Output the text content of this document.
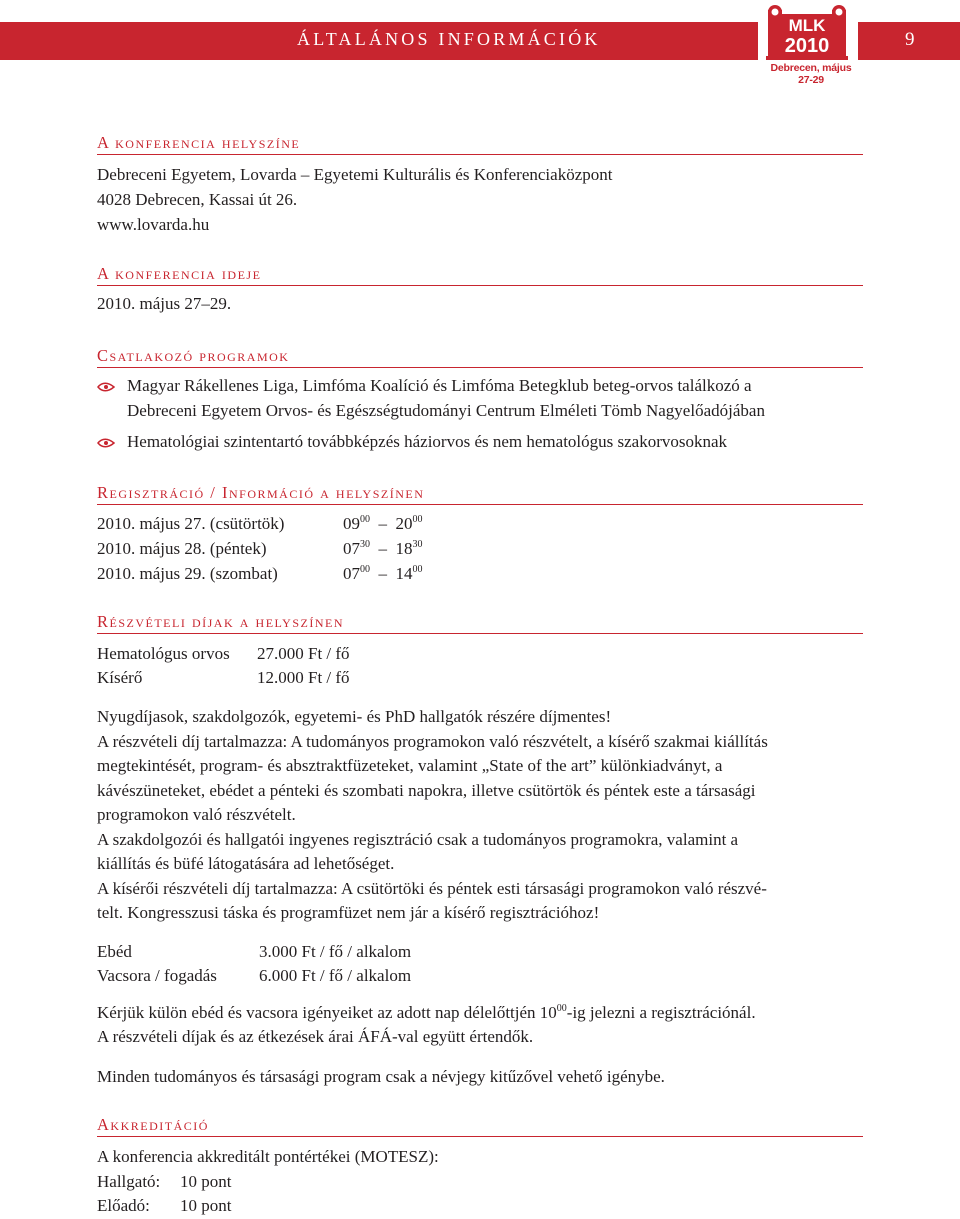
ÁLTALÁNOS INFORMÁCIÓK	9
MLK
2010
Debrecen, május 27-29
A konferencia helyszíne
Debreceni Egyetem, Lovarda – Egyetemi Kulturális és Konferenciaközpont
4028 Debrecen, Kassai út 26.
www.lovarda.hu
A konferencia ideje
2010. május 27–29.
Csatlakozó programok
Magyar Rákellenes Liga, Limfóma Koalíció és Limfóma Betegklub beteg-orvos találkozó a
Debreceni Egyetem Orvos- és Egészségtudományi Centrum Elméleti Tömb Nagyelőadójában
Hematológiai szintentartó továbbképzés háziorvos és nem hematológus szakorvosoknak
Regisztráció / Információ a helyszínen
2010. május 27. (csütörtök)	$09^{00} - 20^{00}$
2010. május 28. (péntek)	$07^{30} - 18^{30}$
2010. május 29. (szombat)	$07^{00} - 14^{00}$
Részvételi díjak a helyszínen
Hematológus orvos 27.000 Ft / fő
Kísérő	12.000 Ft / fő
Nyugdíjasok, szakdolgozók, egyetemi- és PhD hallgatók részére díjmentes!
A részvételi díj tartalmazza: A tudományos programokon való részvételt, a kísérő szakmai kiállítás
megtekintését, program- és absztraktfüzeteket, valamint „State of the art” különkiadványt, a
kávészüneteket, ebédet a pénteki és szombati napokra, illetve csütörtök és péntek este a társasági
programokon való részvételt.
A szakdolgozói és hallgatói ingyenes regisztráció csak a tudományos programokra, valamint a
kiállítás és büfé látogatására ad lehetőséget.
A kísérői részvételi díj tartalmazza: A csütörtöki és péntek esti társasági programokon való részvé-
telt. Kongresszusi táska és programfüzet nem jár a kísérő regisztrációhoz!
Ebéd	3.000 Ft / fő / alkalom
Vacsora / fogadás 6.000 Ft / fő / alkalom
Kérjük külön ebéd és vacsora igényeiket az adott nap délelőttjén $10^{00}-ig$ jelezni a regisztrációnál.
A részvételi díjak és az étkezések árai ÁFÁ-val együtt értendők.
Minden tudományos és társasági program csak a névjegy kitűzővel vehető igénybe.
Akkreditáció
A konferencia akkreditált pontértékei (MOTESZ):
Hallgató: 10 pont
Előadó: 10 pont
